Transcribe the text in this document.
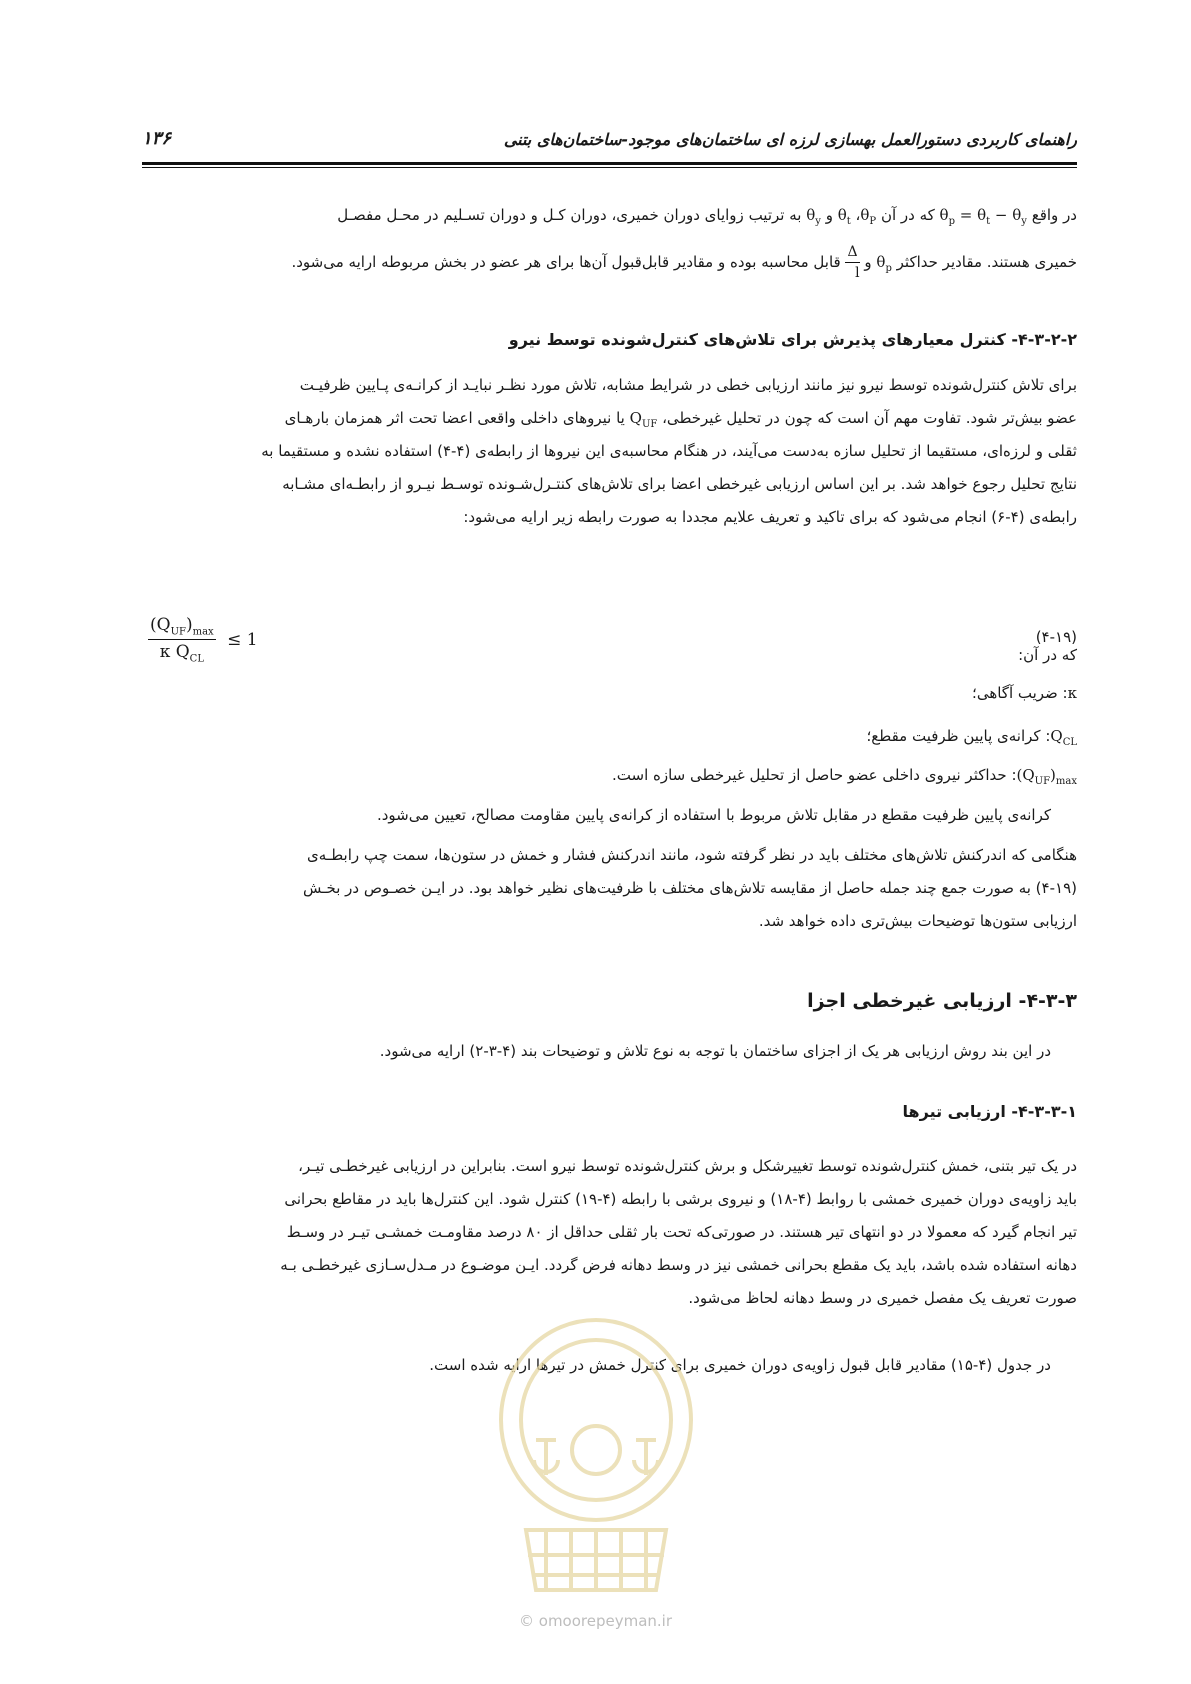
راهنمای کاربردی دستورالعمل بهسازی لرزه ای ساختمان‌های موجود-ساختمان‌های بتنی
۱۳۶
در واقع $\theta_p = \theta_t - \theta_y$ که در آن $\theta_P،$ $\theta_t$ و $\theta_y$ به ترتیب زوایای دوران خمیری، دوران کـل و دوران تسـلیم در محـل مفصـل
خمیری هستند. مقادیر حداکثر $\theta_p$ و
$\frac{\Delta}{l}$
قابل محاسبه بوده و مقادیر قابل‌قبول آن‌ها برای هر عضو در بخش مربوطه ارایه می‌شود.
۴-۳-۲-۲- کنترل معیارهای پذیرش برای تلاش‌های کنترل‌شونده توسط نیرو
برای تلاش کنترل‌شونده توسط نیرو نیز مانند ارزیابی خطی در شرایط مشابه، تلاش مورد نظـر نبایـد از کرانـه‌ی پـایین ظرفیـت
عضو بیش‌تر شود. تفاوت مهم آن است که چون در تحلیل غیرخطی، $Q_{UF}$ یا نیروهای داخلی واقعی اعضا تحت اثر همزمان بارهـای
ثقلی و لرزه‌ای، مستقیما از تحلیل سازه به‌دست می‌آیند، در هنگام محاسبه‌ی این نیروها از رابطه‌ی (۴-۴) استفاده نشده و مستقیما به
نتایج تحلیل رجوع خواهد شد. بر این اساس ارزیابی غیرخطی اعضا برای تلاش‌های کنتـرل‌شـونده توسـط نیـرو از رابطـه‌ای مشـابه
رابطه‌ی (۴-۶) انجام می‌شود که برای تاکید و تعریف علایم مجددا به صورت رابطه زیر ارایه می‌شود:
$\frac{(Q_{UF})_{max}}{\kappa Q_{CL}} \le 1$	(۴-۱۹)
که در آن:
κ: ضریب آگاهی؛
$Q_{CL}$: کرانه‌ی پایین ظرفیت مقطع؛
$(Q_{UF})_{max}$: حداکثر نیروی داخلی عضو حاصل از تحلیل غیرخطی سازه است.
کرانه‌ی پایین ظرفیت مقطع در مقابل تلاش مربوط با استفاده از کرانه‌ی پایین مقاومت مصالح، تعیین می‌شود.
هنگامی که اندرکنش تلاش‌های مختلف باید در نظر گرفته شود، مانند اندرکنش فشار و خمش در ستون‌ها، سمت چپ رابطـه‌ی
(۴-۱۹) به صورت جمع چند جمله حاصل از مقایسه تلاش‌های مختلف با ظرفیت‌های نظیر خواهد بود. در ایـن خصـوص در بخـش
ارزیابی ستون‌ها توضیحات بیش‌تری داده خواهد شد.
۴-۳-۳- ارزیابی غیرخطی اجزا
در این بند روش ارزیابی هر یک از اجزای ساختمان با توجه به نوع تلاش و توضیحات بند (۴-۳-۲) ارایه می‌شود.
۴-۳-۳-۱- ارزیابی تیرها
در یک تیر بتنی، خمش کنترل‌شونده توسط تغییرشکل و برش کنترل‌شونده توسط نیرو است. بنابراین در ارزیابی غیرخطـی تیـر،
باید زاویه‌ی دوران خمیری خمشی با روابط (۴-۱۸) و نیروی برشی با رابطه (۴-۱۹) کنترل شود. این کنترل‌ها باید در مقاطع بحرانی
تیر انجام گیرد که معمولا در دو انتهای تیر هستند. در صورتی‌که تحت بار ثقلی حداقل از ۸۰ درصد مقاومـت خمشـی تیـر در وسـط
دهانه استفاده شده باشد، باید یک مقطع بحرانی خمشی نیز در وسط دهانه فرض گردد. ایـن موضـوع در مـدل‌سـازی غیرخطـی بـه
صورت تعریف یک مفصل خمیری در وسط دهانه لحاظ می‌شود.
در جدول (۴-۱۵) مقادیر قابل قبول زاویه‌ی دوران خمیری برای کنترل خمش در تیرها ارایه شده است.
© omoorepeyman.ir
